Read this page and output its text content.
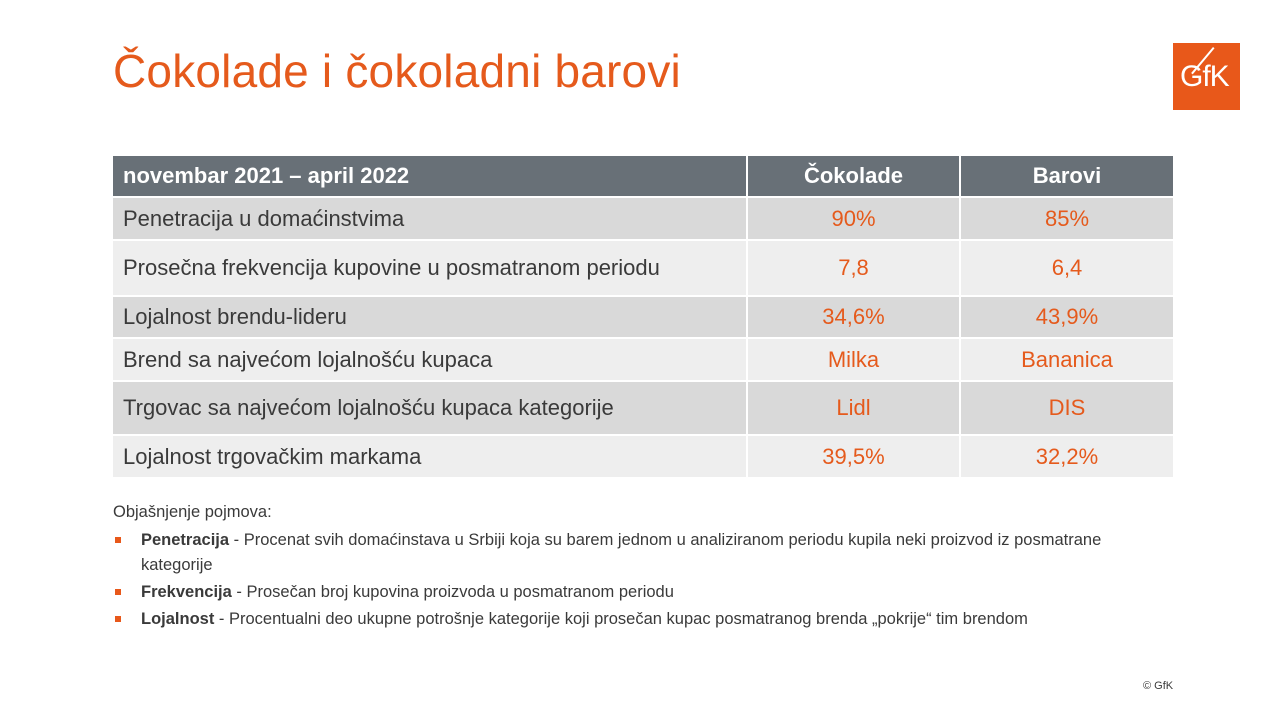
Čokolade i čokoladni barovi	GfK
novembar 2021 – april 2022	Čokolade	Barovi
Penetracija u domaćinstvima	90%	85%
Prosečna frekvencija kupovine u posmatranom periodu	7,8	6,4
Lojalnost brendu-lideru	34,6%	43,9%
Brend sa najvećom lojalnošću kupaca	Milka	Bananica
Trgovac sa najvećom lojalnošću kupaca kategorije	Lidl	DIS
Lojalnost trgovačkim markama	39,5%	32,2%

Objašnjenje pojmova:

Penetracija - Procenat svih domaćinstava u Srbiji koja su barem jednom u analiziranom periodu kupila neki proizvod iz posmatrane kategorije
Frekvencija - Prosečan broj kupovina proizvoda u posmatranom periodu
Lojalnost - Procentualni deo ukupne potrošnje kategorije koji prosečan kupac posmatranog brenda „pokrije“ tim brendom
© GfK
